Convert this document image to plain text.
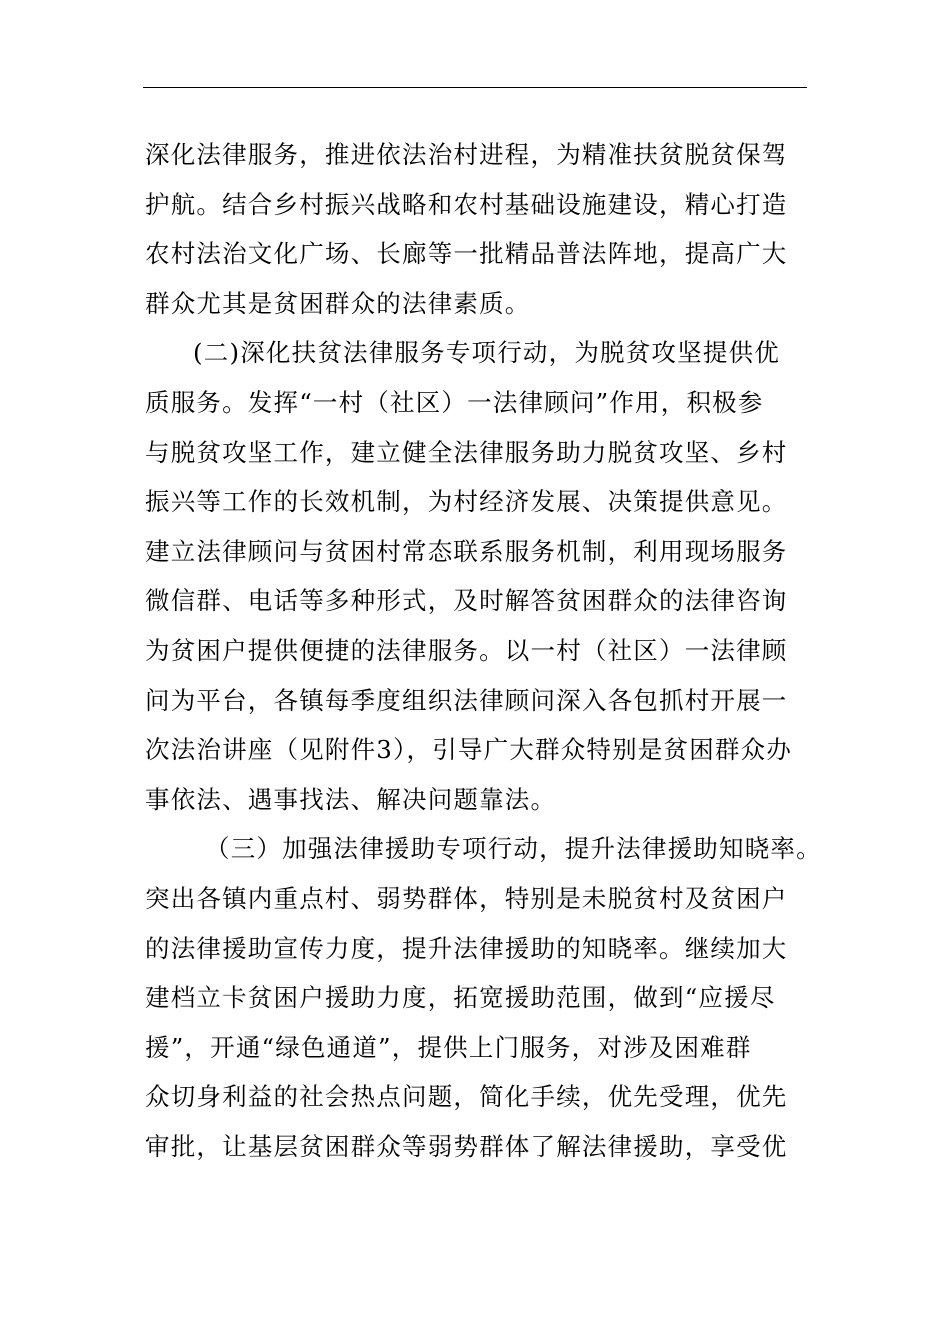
深化法律服务，推进依法治村进程，为精准扶贫脱贫保驾
护航。结合乡村振兴战略和农村基础设施建设，精心打造
农村法治文化广场、长廊等一批精品普法阵地，提高广大
群众尤其是贫困群众的法律素质。
(二)深化扶贫法律服务专项行动，为脱贫攻坚提供优
质服务。发挥“一村（社区）一法律顾问”作用，积极参
与脱贫攻坚工作，建立健全法律服务助力脱贫攻坚、乡村
振兴等工作的长效机制，为村经济发展、决策提供意见。
建立法律顾问与贫困村常态联系服务机制，利用现场服务
微信群、电话等多种形式，及时解答贫困群众的法律咨询
为贫困户提供便捷的法律服务。以一村（社区）一法律顾
问为平台，各镇每季度组织法律顾问深入各包抓村开展一
次法治讲座（见附件3），引导广大群众特别是贫困群众办
事依法、遇事找法、解决问题靠法。
（三）加强法律援助专项行动，提升法律援助知晓率。
突出各镇内重点村、弱势群体，特别是未脱贫村及贫困户
的法律援助宣传力度，提升法律援助的知晓率。继续加大
建档立卡贫困户援助力度，拓宽援助范围，做到“应援尽
援”，开通“绿色通道”，提供上门服务，对涉及困难群
众切身利益的社会热点问题，简化手续，优先受理，优先
审批，让基层贫困群众等弱势群体了解法律援助，享受优
